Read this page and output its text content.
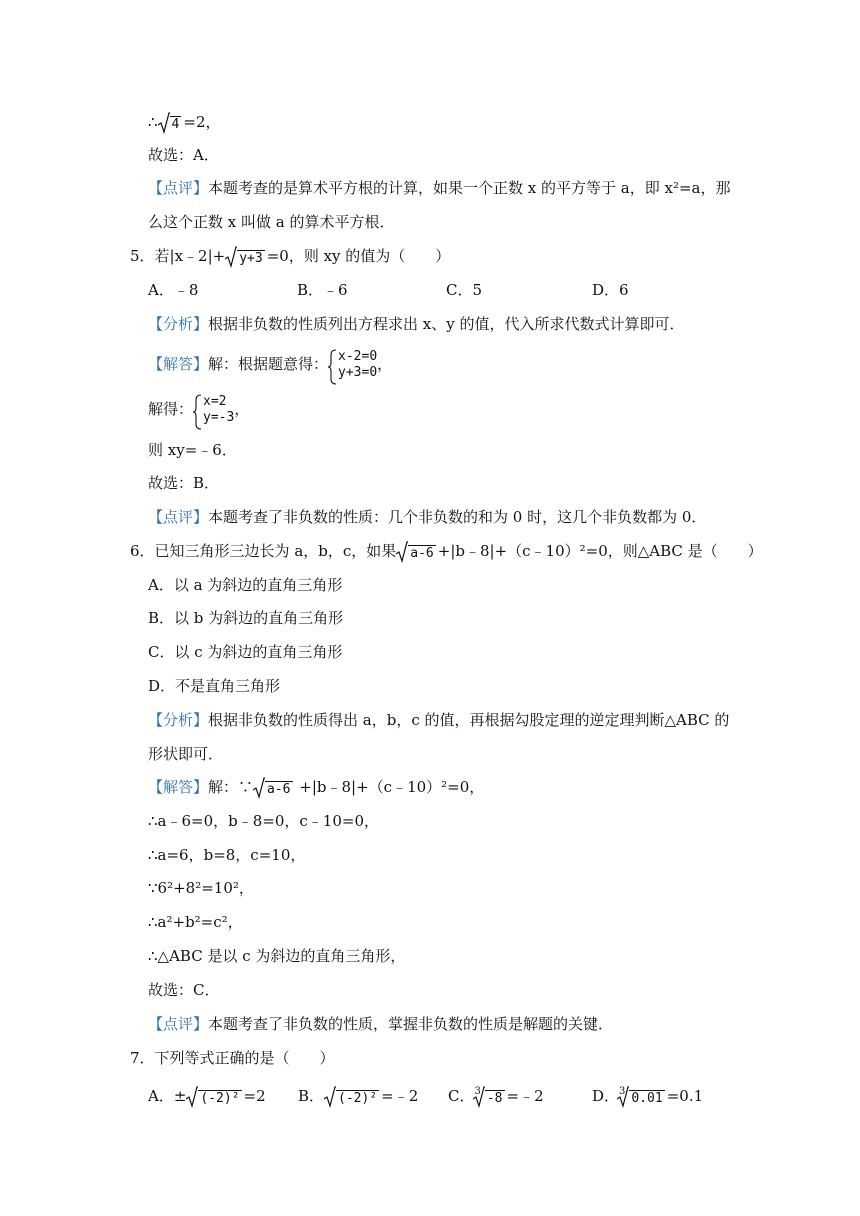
∴ 4 =2，
故选：A．
【点评】本题考查的是算术平方根的计算，如果一个正数 x 的平方等于 a，即 x²=a，那
么这个正数 x 叫做 a 的算术平方根．
5．若|x﹣2|+ y+3 =0，则 xy 的值为（　　）
A．﹣8	B．﹣6	C．5	D．6
【分析】根据非负数的性质列出方程求出 x、y 的值，代入所求代数式计算即可．
【解答】解：根据题意得： x-2=0
y+3=0 ，
解得： x=2
y=-3 ，
则 xy=﹣6．
故选：B．
【点评】本题考查了非负数的性质：几个非负数的和为 0 时，这几个非负数都为 0．
6．已知三角形三边长为 a，b，c，如果 a-6 +|b﹣8|+（c﹣10）²=0，则△ABC 是（　　）
A．以 a 为斜边的直角三角形
B．以 b 为斜边的直角三角形
C．以 c 为斜边的直角三角形
D．不是直角三角形
【分析】根据非负数的性质得出 a，b，c 的值，再根据勾股定理的逆定理判断△ABC 的
形状即可．
【解答】解：∵ a-6 +|b﹣8|+（c﹣10）²=0，
∴a﹣6=0，b﹣8=0，c﹣10=0，
∴a=6，b=8，c=10，
∵6²+8²=10²，
∴a²+b²=c²，
∴△ABC 是以 c 为斜边的直角三角形，
故选：C．
【点评】本题考查了非负数的性质，掌握非负数的性质是解题的关键．
7．下列等式正确的是（　　）
A．± (-2)² =2 B． (-2)² =﹣2 C．$^3$ -8 =﹣2	D．$^3$ 0.01 =0.1
